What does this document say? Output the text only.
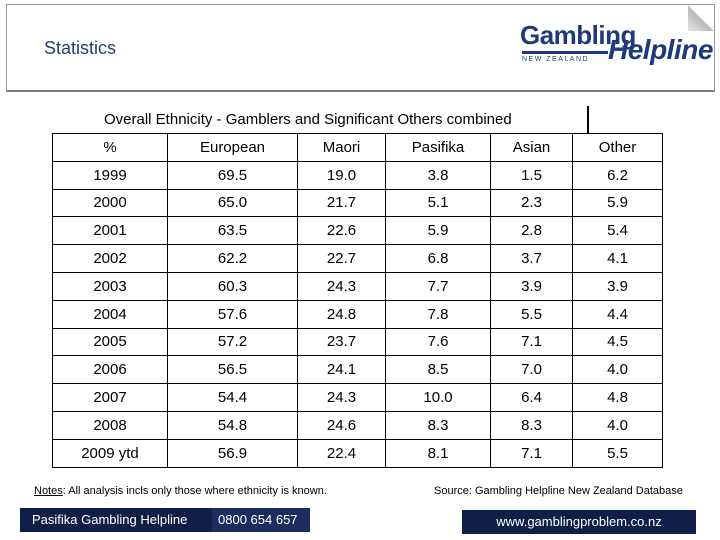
Statistics	Gambling
Helpline
NEW ZEALAND
Overall Ethnicity - Gamblers and Significant Others combined
%	European	Maori	Pasifika	Asian	Other
1999	69.5	19.0	3.8	1.5	6.2
2000	65.0	21.7	5.1	2.3	5.9
2001	63.5	22.6	5.9	2.8	5.4
2002	62.2	22.7	6.8	3.7	4.1
2003	60.3	24.3	7.7	3.9	3.9
2004	57.6	24.8	7.8	5.5	4.4
2005	57.2	23.7	7.6	7.1	4.5
2006	56.5	24.1	8.5	7.0	4.0
2007	54.4	24.3	10.0	6.4	4.8
2008	54.8	24.6	8.3	8.3	4.0
2009 ytd	56.9	22.4	8.1	7.1	5.5
Notes: All analysis incls only those where ethnicity is known.	Source: Gambling Helpline New Zealand Database
Pasifika Gambling Helpline 0800 654 657	www.gamblingproblem.co.nz
